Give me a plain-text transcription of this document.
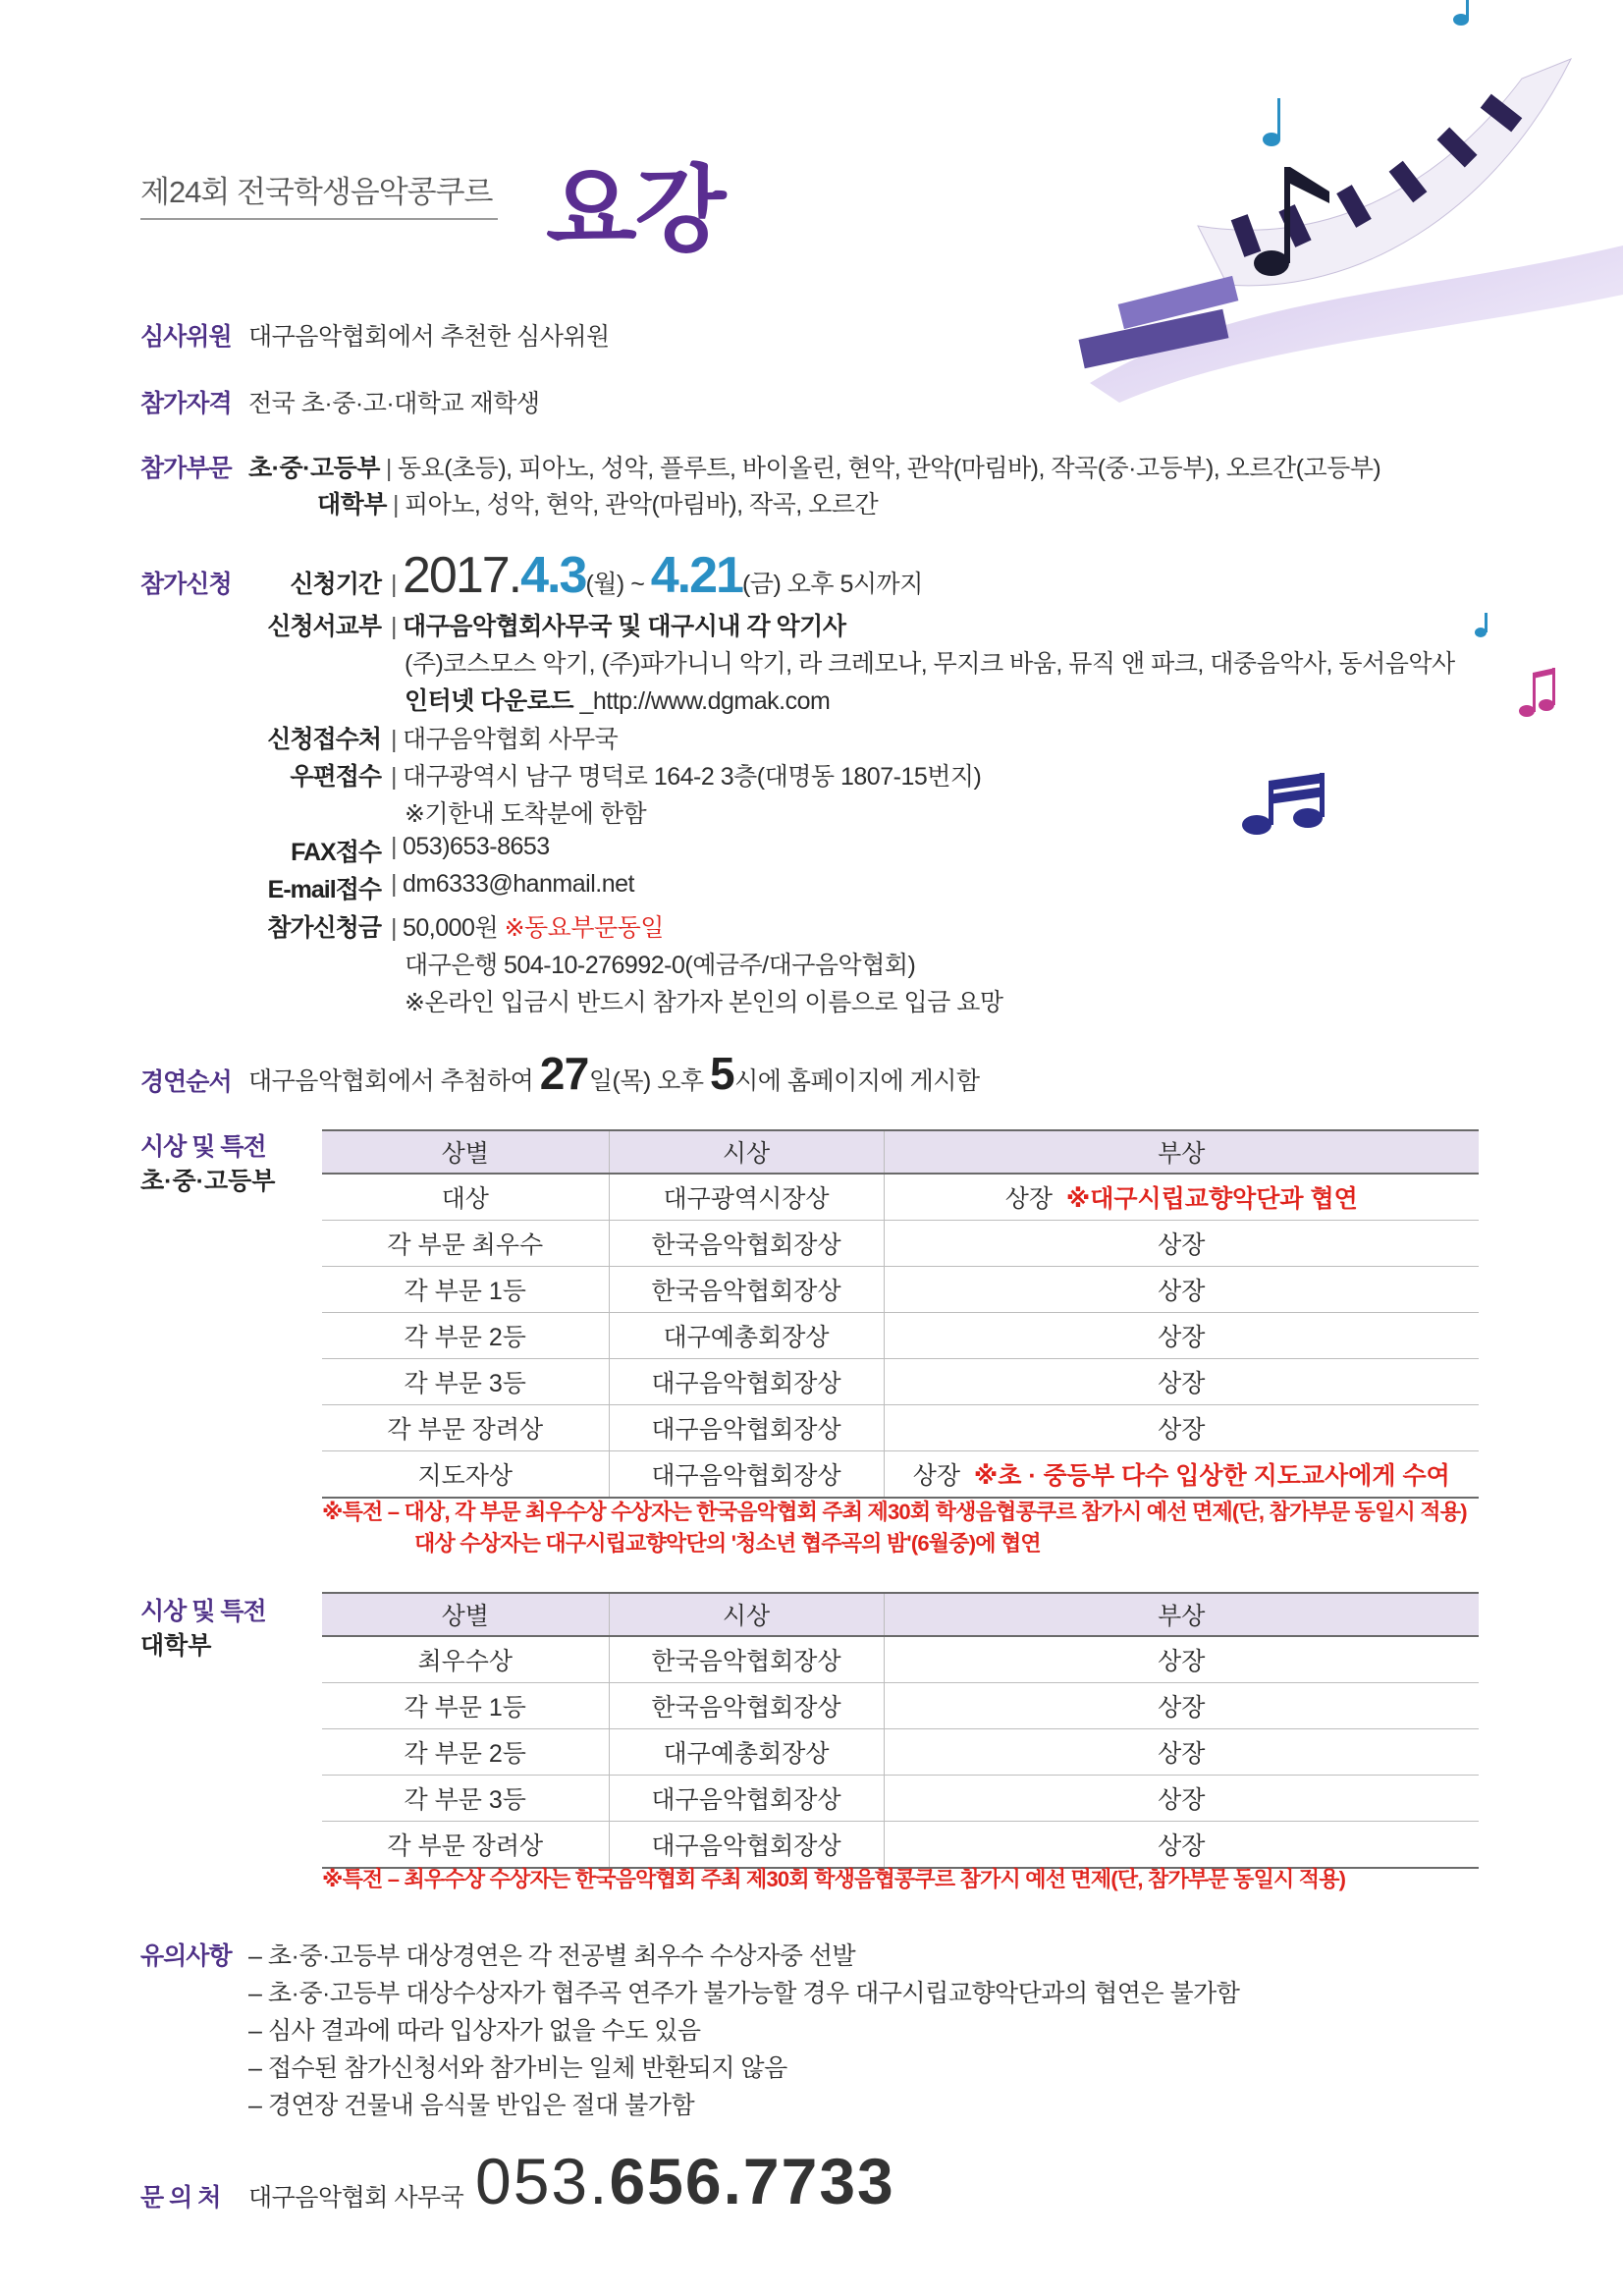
제24회 전국학생음악콩쿠르 요강
심사위원 대구음악협회에서 추천한 심사위원
참가자격 전국 초·중·고·대학교 재학생
참가부문 초·중·고등부 | 동요(초등), 피아노, 성악, 플루트, 바이올린, 현악, 관악(마림바), 작곡(중·고등부), 오르간(고등부)
대학부 | 피아노, 성악, 현악, 관악(마림바), 작곡, 오르간
참가신청	신청기간 | 2017.4.3(월) ~ 4.21(금) 오후 5시까지
신청서교부 | 대구음악협회사무국 및 대구시내 각 악기사
(주)코스모스 악기, (주)파가니니 악기, 라 크레모나, 무지크 바움, 뮤직 앤 파크, 대중음악사, 동서음악사
인터넷 다운로드 _http://www.dgmak.com
신청접수처 | 대구음악협회 사무국
우편접수 | 대구광역시 남구 명덕로 164-2 3층(대명동 1807-15번지)
※기한내 도착분에 한함
FAX접수 | 053)653-8653
E-mail접수 | dm6333@hanmail.net
참가신청금 | 50,000원 ※동요부문동일
대구은행 504-10-276992-0(예금주/대구음악협회)
※온라인 입금시 반드시 참가자 본인의 이름으로 입금 요망
경연순서 대구음악협회에서 추첨하여 27일(목) 오후 5시에 홈페이지에 게시함
시상 및 특전
초·중·고등부
상별	시상	부상
대상	대구광역시장상	상장 ※대구시립교향악단과 협연
각 부문 최우수	한국음악협회장상	상장
각 부문 1등	한국음악협회장상	상장
각 부문 2등	대구예총회장상	상장
각 부문 3등	대구음악협회장상	상장
각 부문 장려상	대구음악협회장상	상장
지도자상	대구음악협회장상	상장 ※초 · 중등부 다수 입상한 지도교사에게 수여
※특전 – 대상, 각 부문 최우수상 수상자는 한국음악협회 주최 제30회 학생음협콩쿠르 참가시 예선 면제(단, 참가부문 동일시 적용)
대상 수상자는 대구시립교향악단의 '청소년 협주곡의 밤'(6월중)에 협연
시상 및 특전
대학부
상별	시상	부상
최우수상	한국음악협회장상	상장
각 부문 1등	한국음악협회장상	상장
각 부문 2등	대구예총회장상	상장
각 부문 3등	대구음악협회장상	상장
각 부문 장려상	대구음악협회장상	상장
※특전 – 최우수상 수상자는 한국음악협회 주최 제30회 학생음협콩쿠르 참가시 예선 면제(단, 참가부문 동일시 적용)
유의사항 – 초·중·고등부 대상경연은 각 전공별 최우수 수상자중 선발
– 초·중·고등부 대상수상자가 협주곡 연주가 불가능할 경우 대구시립교향악단과의 협연은 불가함
– 심사 결과에 따라 입상자가 없을 수도 있음
– 접수된 참가신청서와 참가비는 일체 반환되지 않음
– 경연장 건물내 음식물 반입은 절대 불가함
문 의 처 대구음악협회 사무국 053.656.7733
